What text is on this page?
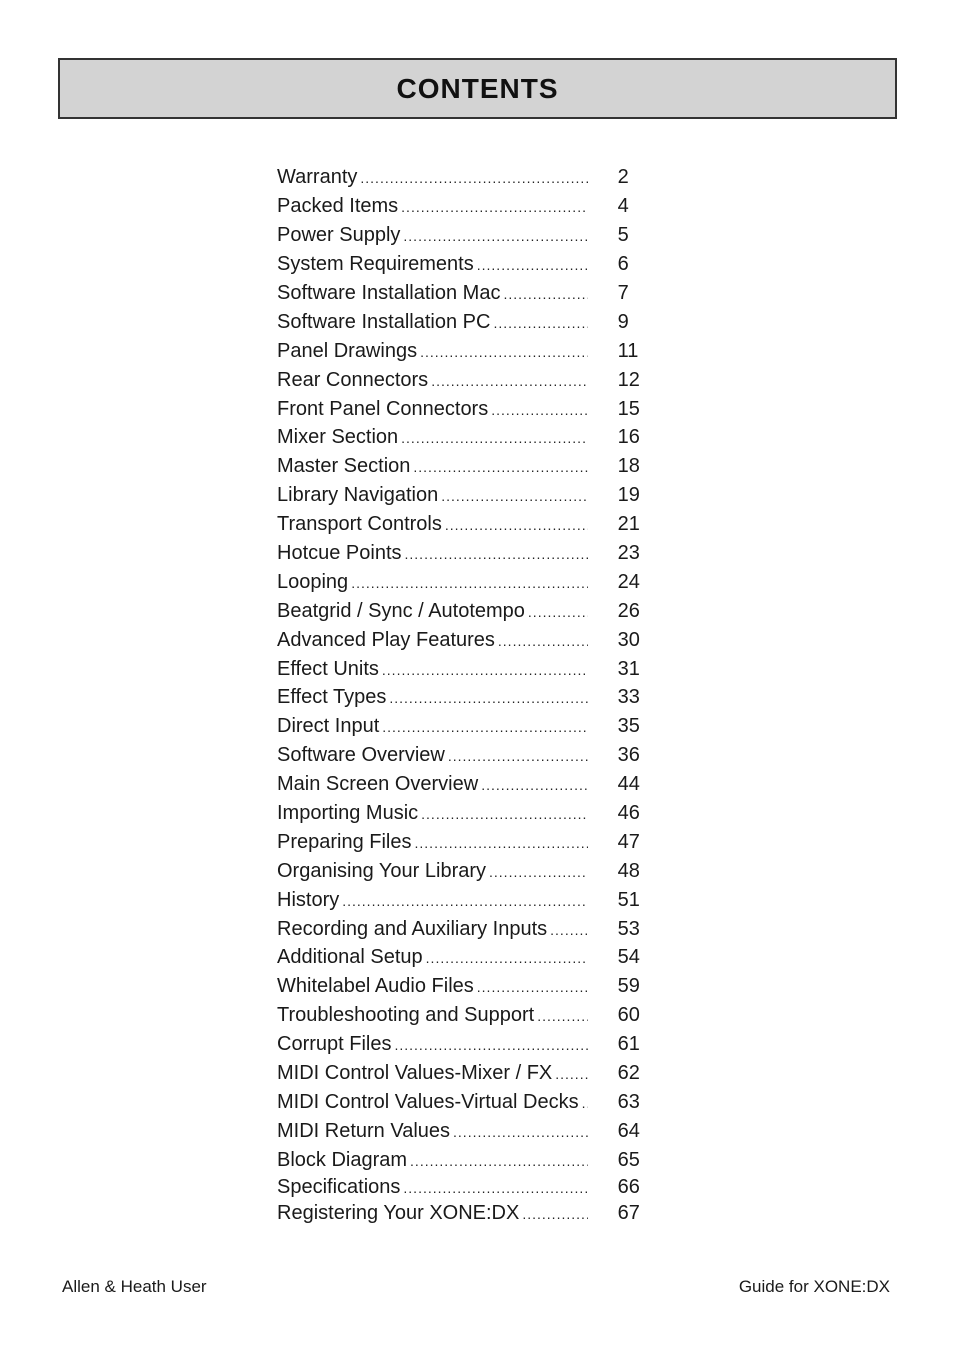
CONTENTS
Warranty .....	2
Packed Items .....	4
Power Supply .....	5
System Requirements .....	6
Software Installation Mac .....	7
Software Installation PC .....	9
Panel Drawings .....	11
Rear Connectors .....	12
Front Panel Connectors .....	15
Mixer Section .....	16
Master Section .....	18
Library Navigation .....	19
Transport Controls .....	21
Hotcue Points .....	23
Looping .....	24
Beatgrid / Sync / Autotempo .....	26
Advanced Play Features .....	30
Effect Units .....	31
Effect Types .....	33
Direct Input .....	35
Software Overview .....	36
Main Screen Overview .....	44
Importing Music .....	46
Preparing Files .....	47
Organising Your Library .....	48
History .....	51
Recording and Auxiliary Inputs .....	53
Additional Setup .....	54
Whitelabel Audio Files .....	59
Troubleshooting and Support .....	60
Corrupt Files .....	61
MIDI Control Values-Mixer / FX .....	62
MIDI Control Values-Virtual Decks ..... 63
MIDI Return Values .....	64
Block Diagram .....	65
Specifications .....	66
Registering Your XONE:DX .....	67
Allen & Heath User	Guide for XONE:DX
